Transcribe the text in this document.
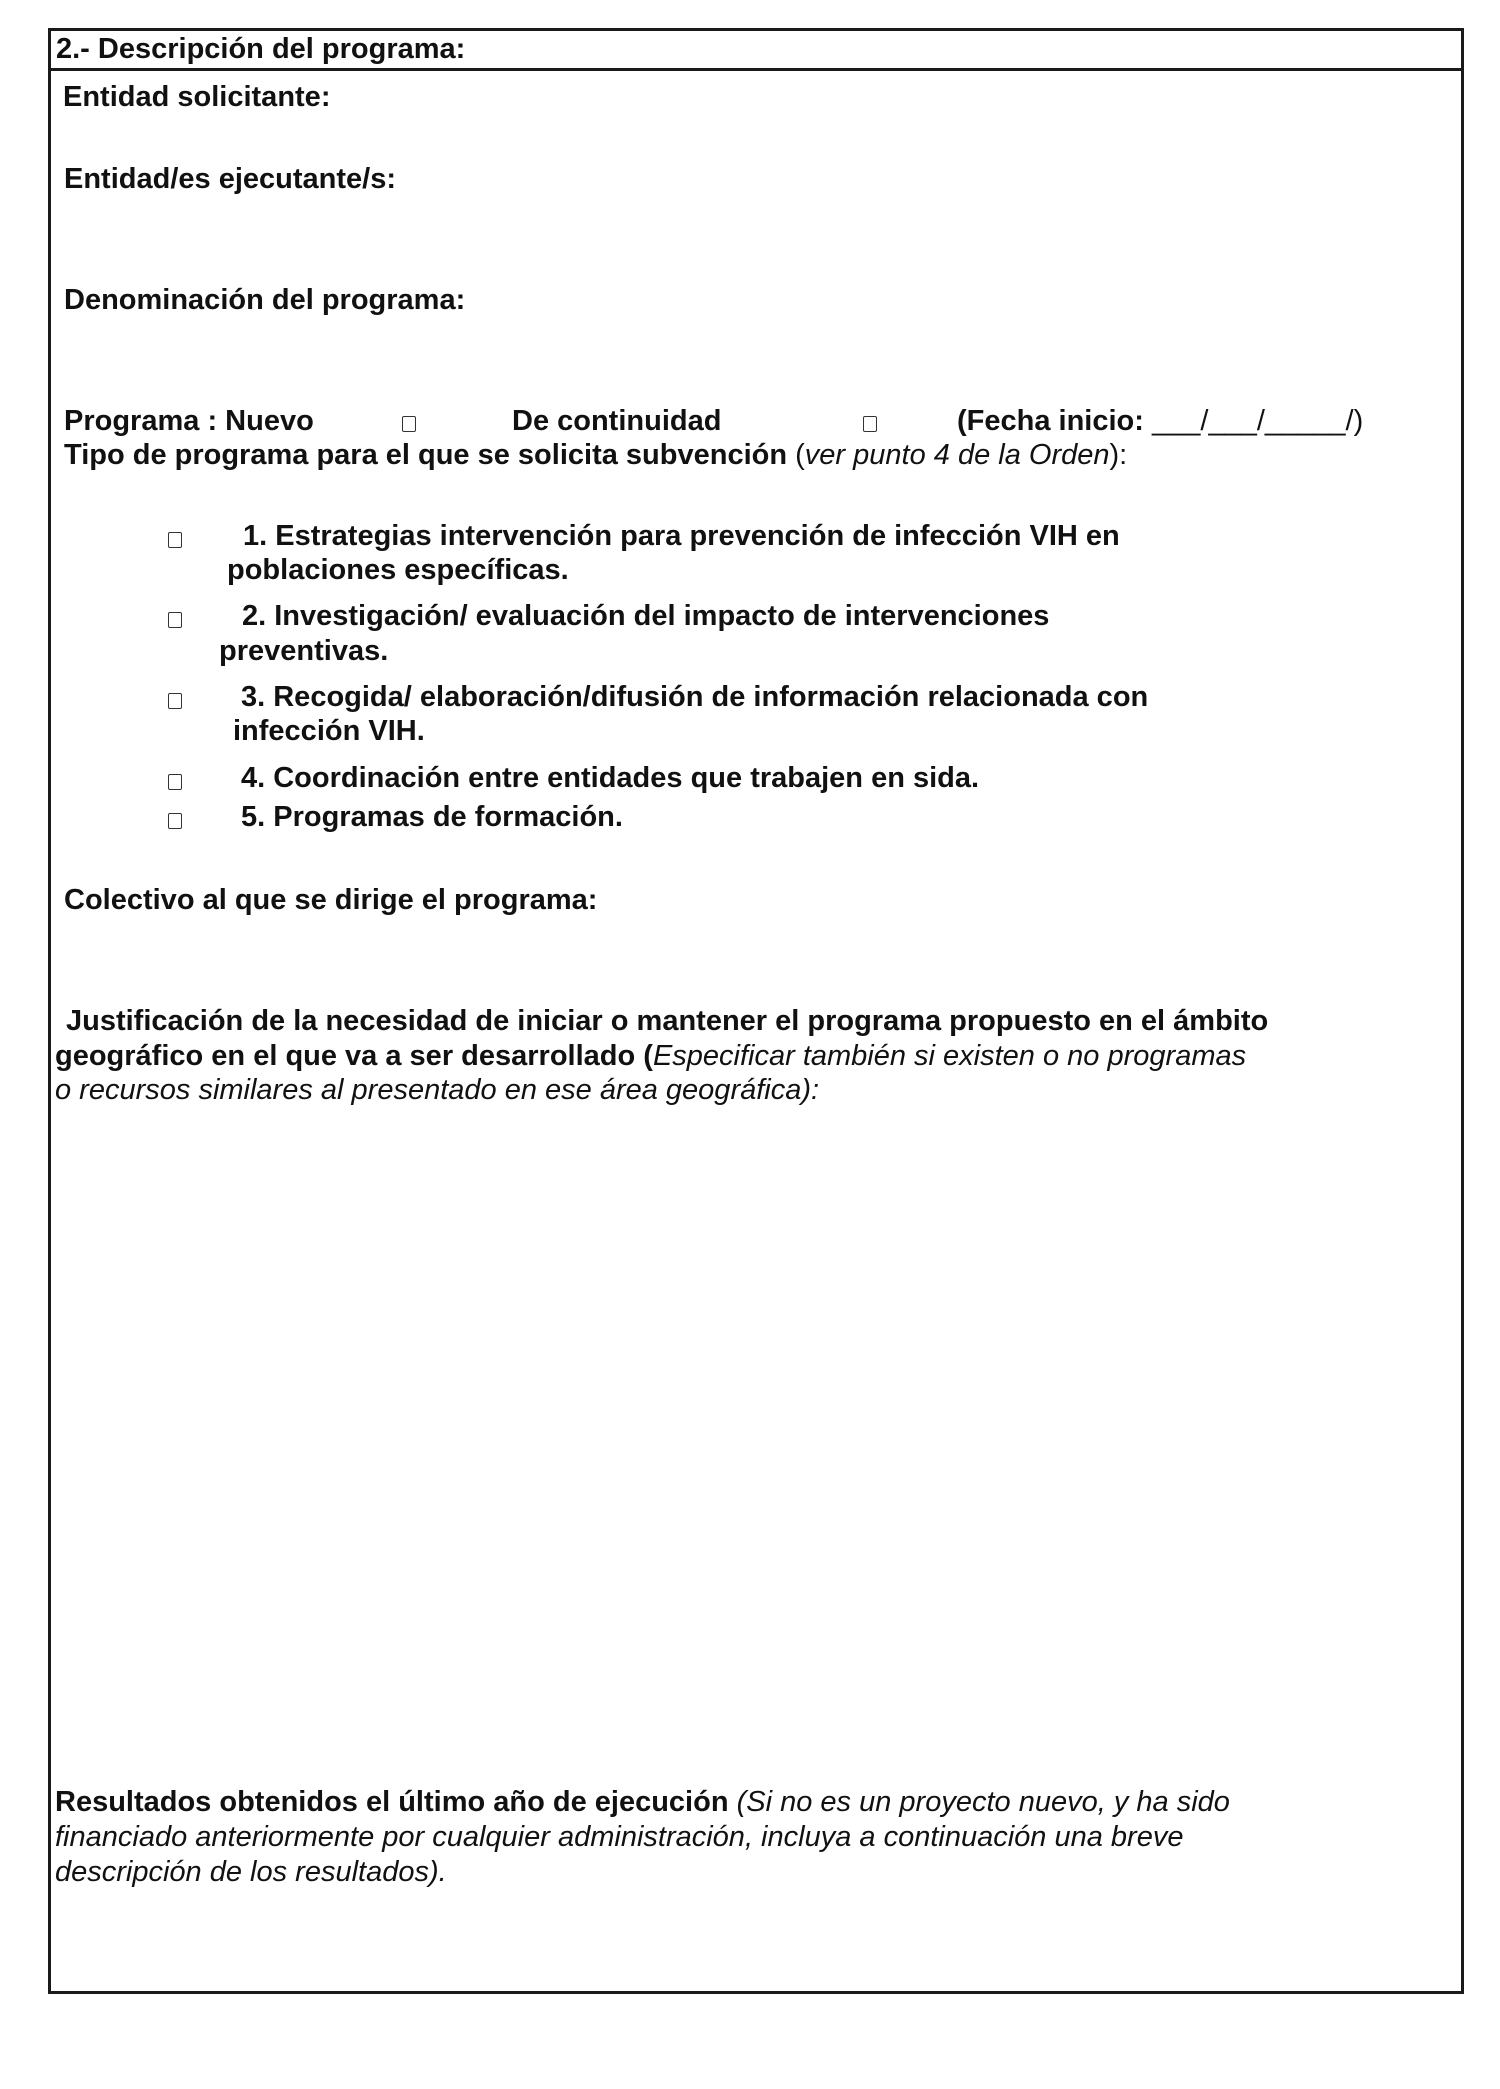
2.- Descripción del programa:
Entidad solicitante:
Entidad/es ejecutante/s:
Denominación del programa:
Programa : Nuevo	De continuidad	(Fecha inicio: ___/___/_____/)
Tipo de programa para el que se solicita subvención (ver punto 4 de la Orden):
1. Estrategias intervención para prevención de infección VIH en
poblaciones específicas.
2. Investigación/ evaluación del impacto de intervenciones
preventivas.
3. Recogida/ elaboración/difusión de información relacionada con
infección VIH.
4. Coordinación entre entidades que trabajen en sida.
5. Programas de formación.
Colectivo al que se dirige el programa:
Justificación de la necesidad de iniciar o mantener el programa propuesto en el ámbito
geográfico en el que va a ser desarrollado (Especificar también si existen o no programas
o recursos similares al presentado en ese área geográfica):
Resultados obtenidos el último año de ejecución (Si no es un proyecto nuevo, y ha sido
financiado anteriormente por cualquier administración, incluya a continuación una breve
descripción de los resultados).
